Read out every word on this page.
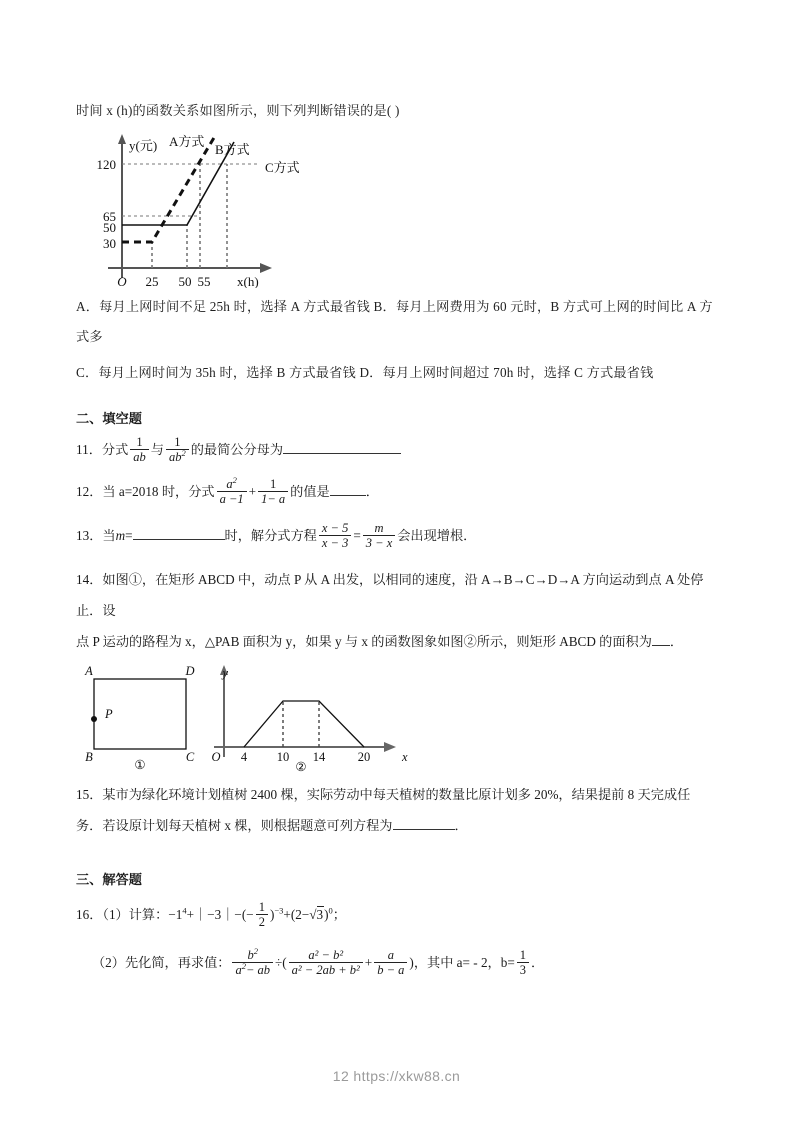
时间 x (h)的函数关系如图所示，则下列判断错误的是( )
120
65
50
30
O 25 50 55
y(元)
x(h)
A方式
B方式
C方式
A．每月上网时间不足 25h 时，选择 A 方式最省钱 B．每月上网费用为 60 元时，B 方式可上网的时间比 A 方
式多
C．每月上网时间为 35h 时，选择 B 方式最省钱 D．每月上网时间超过 70h 时，选择 C 方式最省钱
二、填空题
11．分式 $\frac{1}{ab}$ 与 $\frac{1}{ab^2}$ 的最简公分母为
12．当 a=2018 时，分式 $\frac{a^2}{a -1} + \frac{1}{1- a}$ 的值是	．
13．当m=	时，解分式方程 $\frac{x - 5}{x - 3} = \frac{m}{3 - x}$ 会出现增根．
14．如图①，在矩形 ABCD 中，动点 P 从 A 出发，以相同的速度，沿 A→B→C→D→A 方向运动到点 A 处停止．设
点 P 运动的路程为 x，△PAB 面积为 y，如果 y 与 x 的函数图象如图②所示，则矩形 ABCD 的面积为 ．
A	D
B	C
P
①
O 4 10 14	20
y
x
②
15．某市为绿化环境计划植树 2400 棵，实际劳动中每天植树的数量比原计划多 20%，结果提前 8 天完成任
务．若设原计划每天植树 x 棵，则根据题意可列方程为	．
三、解答题
16．（1）计算：$-1^4+|-3|-(- \frac{1}{2} )^{-3}+(2-√3)^0$；
（2）先化简，再求值： $\frac{b^2}{a^2- ab}$ ÷( $\frac{\text{a² − b²}}{\text{a² − 2ab + b²}} + \frac{a}{b - a}$ )，其中 a= - 2，$b= \frac{1}{3}$ ．
12 https://xkw88.cn
